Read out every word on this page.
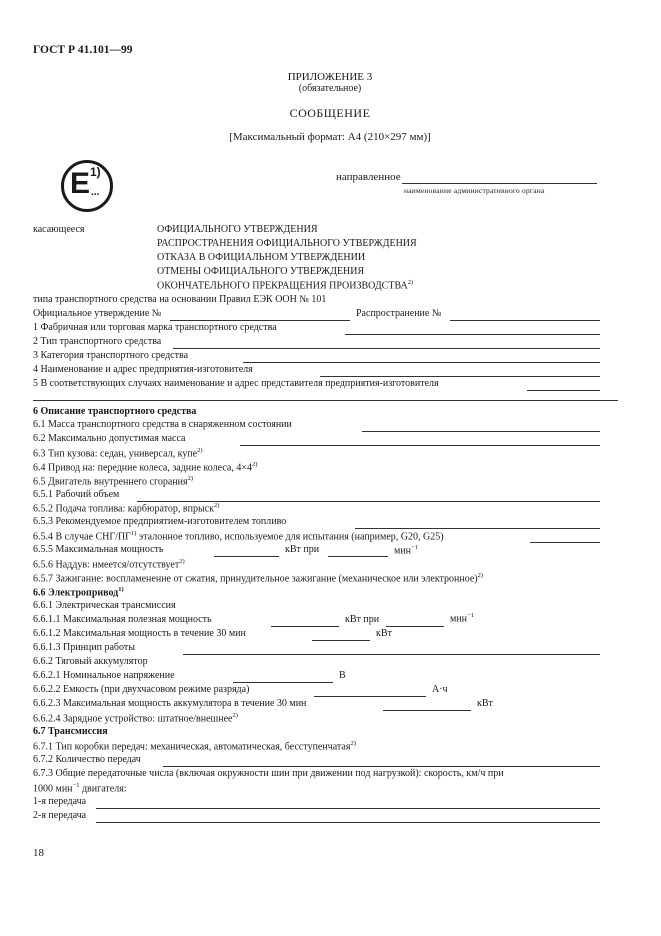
ГОСТ Р 41.101—99
ПРИЛОЖЕНИЕ 3
(обязательное)
СООБЩЕНИЕ
[Максимальный формат: А4 (210×297 мм)]
E 1)
...
направленное
наименование административного органа
касающееся	ОФИЦИАЛЬНОГО УТВЕРЖДЕНИЯ
РАСПРОСТРАНЕНИЯ ОФИЦИАЛЬНОГО УТВЕРЖДЕНИЯ
ОТКАЗА В ОФИЦИАЛЬНОМ УТВЕРЖДЕНИИ
ОТМЕНЫ ОФИЦИАЛЬНОГО УТВЕРЖДЕНИЯ
ОКОНЧАТЕЛЬНОГО ПРЕКРАЩЕНИЯ ПРОИЗВОДСТВА$^{2)}$
типа транспортного средства на основании Правил ЕЭК ООН № 101
Официальное утверждение №	Распространение №
1 Фабричная или торговая марка транспортного средства
2 Тип транспортного средства
3 Категория транспортного средства
4 Наименование и адрес предприятия-изготовителя
5 В соответствующих случаях наименование и адрес представителя предприятия-изготовителя
6 Описание транспортного средства
6.1 Масса транспортного средства в снаряженном состоянии
6.2 Максимально допустимая масса
6.3 Тип кузова: седан, универсал, купе$^{2)}$
6.4 Привод на: передние колеса, задние колеса, $4\times 4^{2)}$
6.5 Двигатель внутреннего сгорания$^{2)}$
6.5.1 Рабочий объем
6.5.2 Подача топлива: карбюратор, впрыск$^{2)}$
6.5.3 Рекомендуемое предприятием-изготовителем топливо
6.5.4 В случае СНГ/ПГ$^{1)}$ эталонное топливо, используемое для испытания (например, G20, G25)
6.5.5 Максимальная мощность	кВт при	мин$^{-1}$
6.5.6 Наддув: имеется/отсутствует$^{2)}$
6.5.7 Зажигание: воспламенение от сжатия, принудительное зажигание (механическое или электронное)$^{2)}$
6.6 Электропривод$^{1)}$
6.6.1 Электрическая трансмиссия
6.6.1.1 Максимальная полезная мощность	кВт при	мин$^{-1}$
6.6.1.2 Максимальная мощность в течение 30 мин	кВт
6.6.1.3 Принцип работы
6.6.2 Тяговый аккумулятор
6.6.2.1 Номинальное напряжение	В
6.6.2.2 Емкость (при двухчасовом режиме разряда)	А·ч
6.6.2.3 Максимальная мощность аккумулятора в течение 30 мин	кВт
6.6.2.4 Зарядное устройство: штатное/внешнее$^{2)}$
6.7 Трансмиссия
6.7.1 Тип коробки передач: механическая, автоматическая, бесступенчатая$^{2)}$
6.7.2 Количество передач
6.7.3 Общие передаточные числа (включая окружности шин при движении под нагрузкой): скорость, км/ч при
1000 мин$^{-1}$ двигателя:
1-я передача
2-я передача
18
